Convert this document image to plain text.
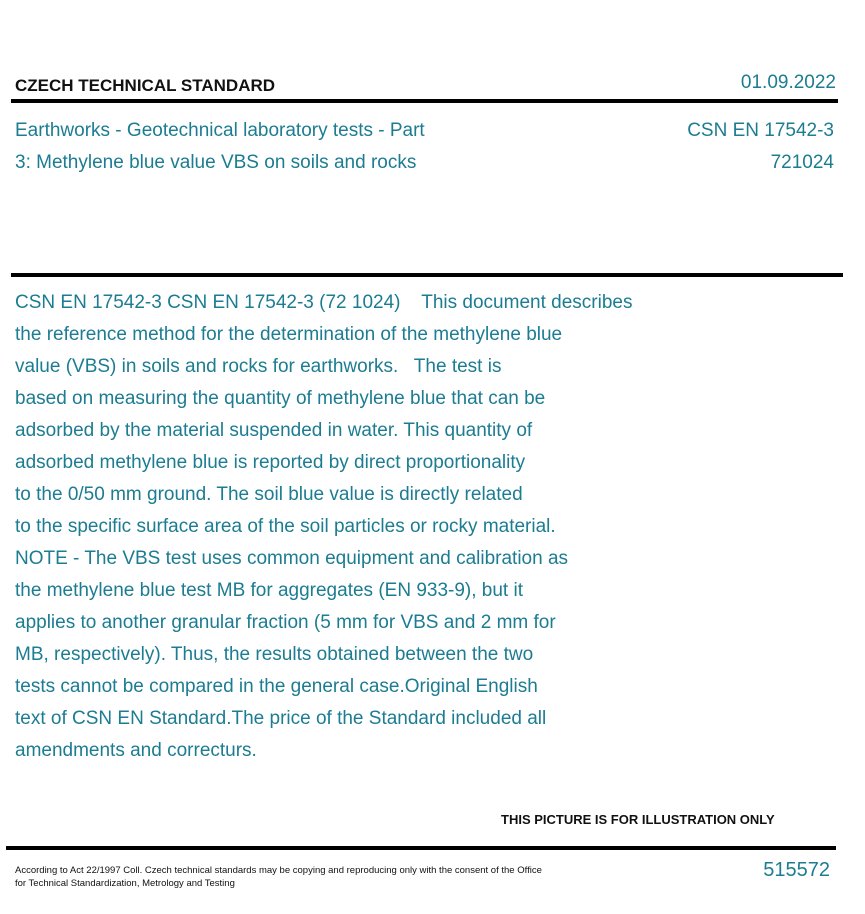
CZECH TECHNICAL STANDARD	01.09.2022
Earthworks - Geotechnical laboratory tests - Part
3: Methylene blue value VBS on soils and rocks
CSN EN 17542-3
721024
CSN EN 17542-3 CSN EN 17542-3 (72 1024)    This document describes
the reference method for the determination of the methylene blue
value (VBS) in soils and rocks for earthworks.   The test is
based on measuring the quantity of methylene blue that can be
adsorbed by the material suspended in water. This quantity of
adsorbed methylene blue is reported by direct proportionality
to the 0/50 mm ground. The soil blue value is directly related
to the specific surface area of the soil particles or rocky material.
NOTE - The VBS test uses common equipment and calibration as
the methylene blue test MB for aggregates (EN 933-9), but it
applies to another granular fraction (5 mm for VBS and 2 mm for
MB, respectively). Thus, the results obtained between the two
tests cannot be compared in the general case.Original English
text of CSN EN Standard.The price of the Standard included all
amendments and correcturs.
THIS PICTURE IS FOR ILLUSTRATION ONLY
According to Act 22/1997 Coll. Czech technical standards may be copying and reproducing only with the consent of the Office
for Technical Standardization, Metrology and Testing
515572
